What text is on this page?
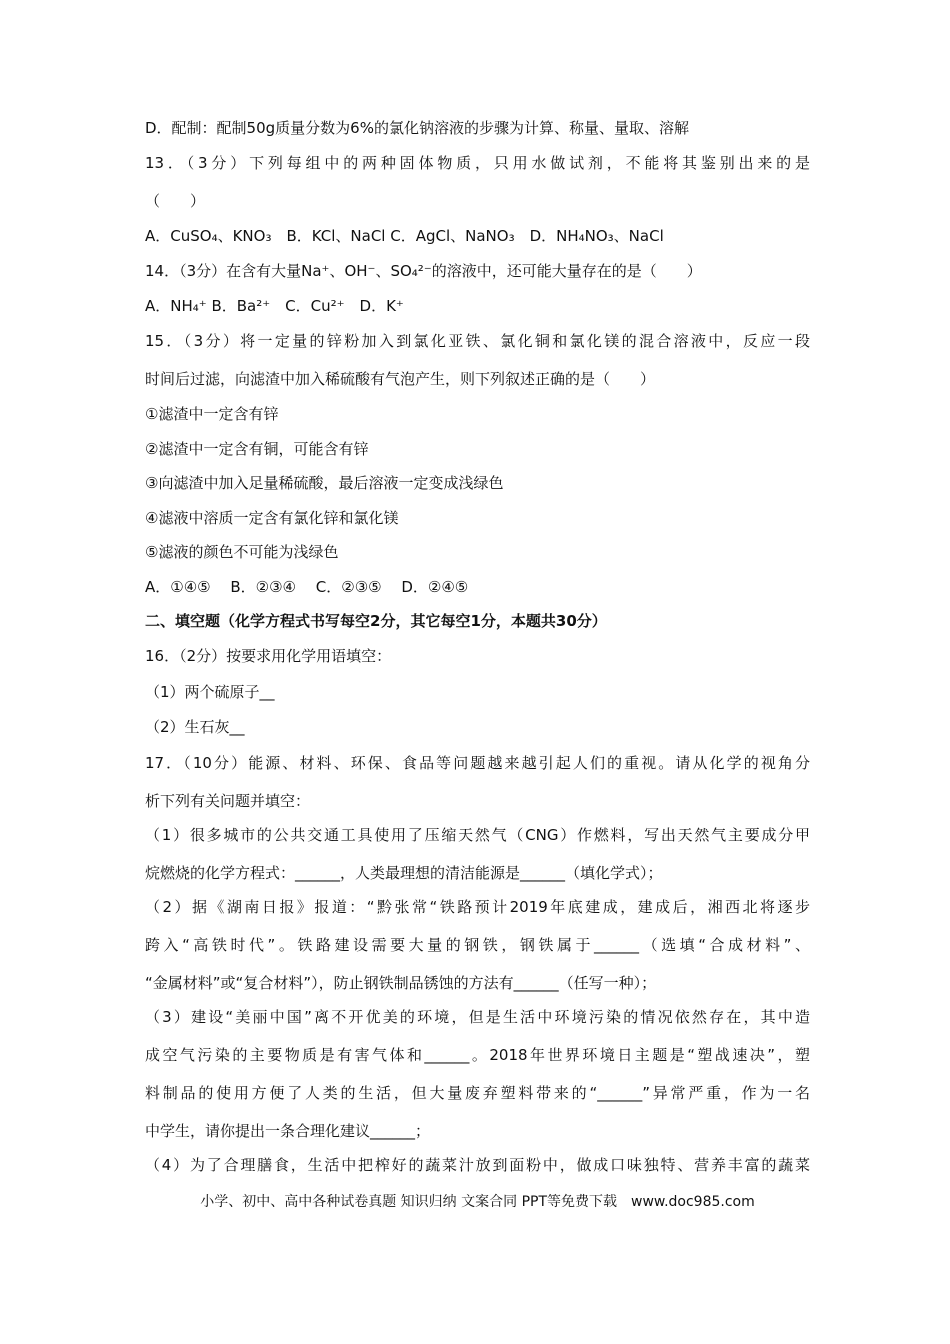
D．配制：配制50g质量分数为6%的氯化钠溶液的步骤为计算、称量、量取、溶解
13．（3分）下列每组中的两种固体物质，只用水做试剂，不能将其鉴别出来的是
（　　）
A．CuSO₄、KNO₃　B．KCl、NaCl C．AgCl、NaNO₃　D．NH₄NO₃、NaCl
14．（3分）在含有大量Na⁺、OH⁻、SO₄²⁻的溶液中，还可能大量存在的是（　　）
A．NH₄⁺ B．Ba²⁺　C．Cu²⁺　D．K⁺
15．（3分）将一定量的锌粉加入到氯化亚铁、氯化铜和氯化镁的混合溶液中，反应一段
时间后过滤，向滤渣中加入稀硫酸有气泡产生，则下列叙述正确的是（　　）
①滤渣中一定含有锌
②滤渣中一定含有铜，可能含有锌
③向滤渣中加入足量稀硫酸，最后溶液一定变成浅绿色
④滤液中溶质一定含有氯化锌和氯化镁
⑤滤液的颜色不可能为浅绿色
A．①④⑤　 B．②③④　 C．②③⑤　 D．②④⑤
二、填空题（化学方程式书写每空2分，其它每空1分，本题共30分）
16．（2分）按要求用化学用语填空：
（1）两个硫原子__
（2）生石灰__
17．（10分）能源、材料、环保、食品等问题越来越引起人们的重视。请从化学的视角分
析下列有关问题并填空：
（1）很多城市的公共交通工具使用了压缩天然气（CNG）作燃料，写出天然气主要成分甲
烷燃烧的化学方程式：______，人类最理想的清洁能源是______（填化学式）；
（2）据《湖南日报》报道：“黔张常“铁路预计2019年底建成，建成后，湘西北将逐步
跨入“高铁时代”。铁路建设需要大量的钢铁，钢铁属于______（选填“合成材料”、
“金属材料”或“复合材料”），防止钢铁制品锈蚀的方法有______（任写一种）；
（3）建设“美丽中国”离不开优美的环境，但是生活中环境污染的情况依然存在，其中造
成空气污染的主要物质是有害气体和______。2018年世界环境日主题是“塑战速决”，塑
料制品的使用方便了人类的生活，但大量废弃塑料带来的“______”异常严重，作为一名
中学生，请你提出一条合理化建议______；
（4）为了合理膳食，生活中把榨好的蔬菜汁放到面粉中，做成口味独特、营养丰富的蔬菜
小学、初中、高中各种试卷真题 知识归纳 文案合同 PPT等免费下载　www.doc985.com
